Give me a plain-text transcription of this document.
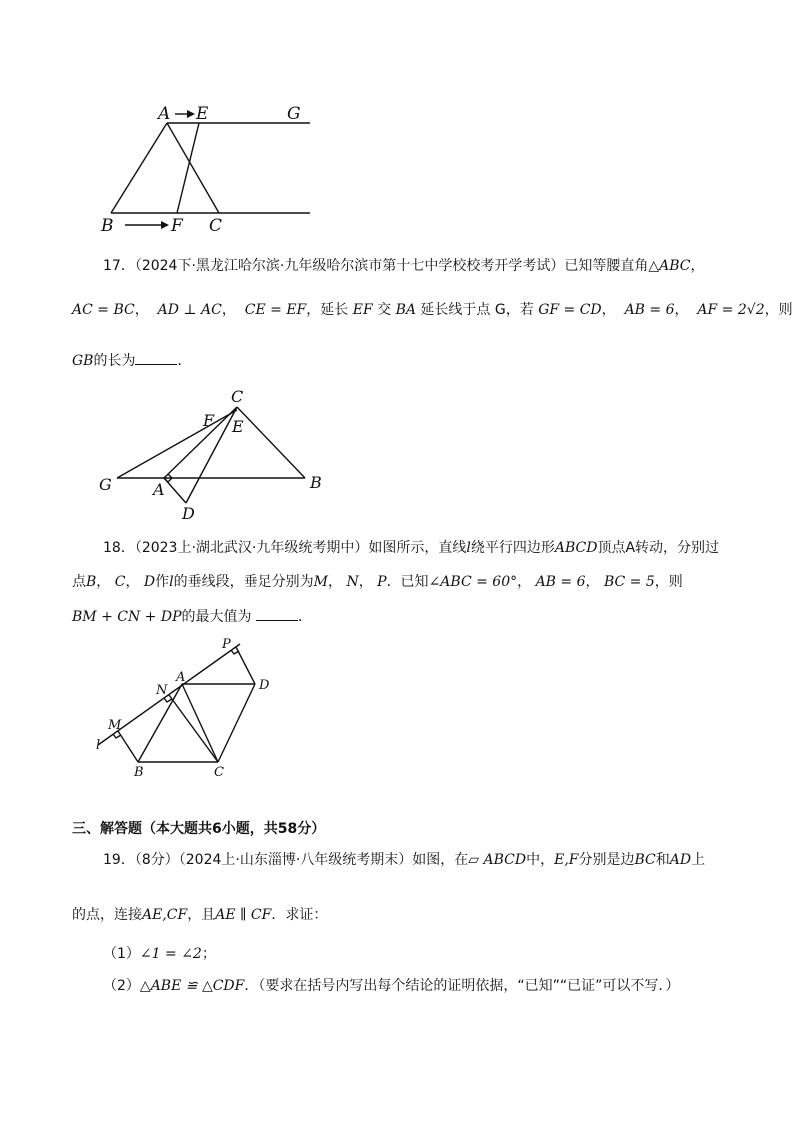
A E	G
B	F C
17．（2024下·黑龙江哈尔滨·九年级哈尔滨市第十七中学校校考开学考试）已知等腰直角△ABC，
AC = BC，  AD ⊥ AC，  CE = EF，延长 EF 交 BA 延长线于点 G，若 GF = CD，  AB = 6，  AF = 2√2，则
GB的长为	．
C
F E
G	A	B
D
18．（2023上·湖北武汉·九年级统考期中）如图所示，直线l绕平行四边形ABCD顶点A转动，分别过
点B， C， D作l的垂线段，垂足分别为M， N， P．已知∠ABC = 60°， AB = 6， BC = 5，则
BM + CN + DP的最大值为	．
P
A
D
N
M
l
B	C
三、解答题（本大题共6小题，共58分）
19．（8分）（2024上·山东淄博·八年级统考期末）如图，在▱ ABCD中，E,F分别是边BC和AD上
的点，连接AE,CF，且AE ∥ CF．求证：
（1）∠1 = ∠2；
（2）△ABE ≌ △CDF．（要求在括号内写出每个结论的证明依据，“已知”“已证”可以不写．）
